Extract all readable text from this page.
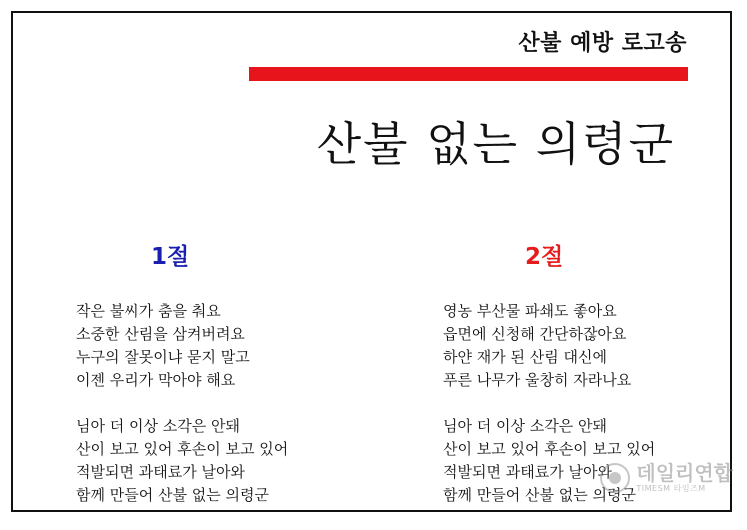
산불 예방 로고송
산불 없는 의령군
1절	2절
작은 불씨가 춤을 춰요
소중한 산림을 삼켜버려요
누구의 잘못이냐 묻지 말고
이젠 우리가 막아야 해요
님아 더 이상 소각은 안돼
산이 보고 있어 후손이 보고 있어
적발되면 과태료가 날아와
함께 만들어 산불 없는 의령군
영농 부산물 파쇄도 좋아요
읍면에 신청해 간단하잖아요
하얀 재가 된 산림 대신에
푸른 나무가 울창히 자라나요
님아 더 이상 소각은 안돼
산이 보고 있어 후손이 보고 있어
적발되면 과태료가 날아와
함께 만들어 산불 없는 의령군
데일리연합
TIMESM 타임즈M
